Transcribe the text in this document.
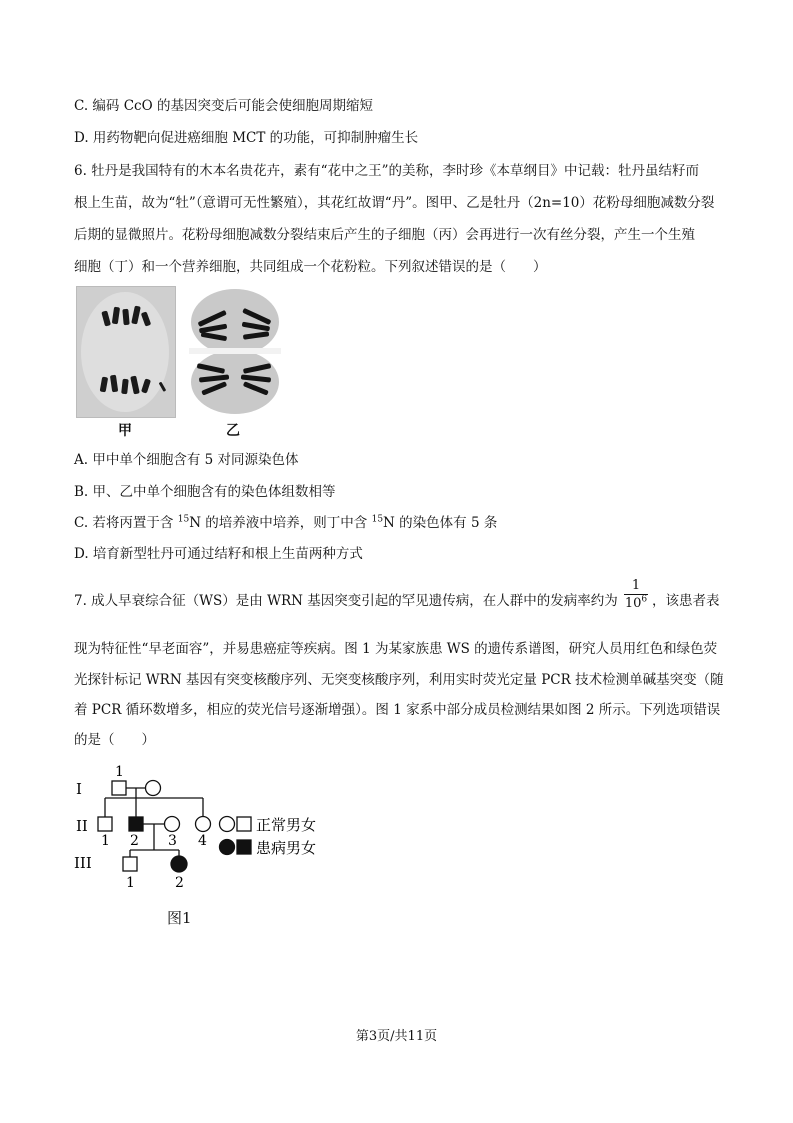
C. 编码 CcO 的基因突变后可能会使细胞周期缩短
D. 用药物靶向促进癌细胞 MCT 的功能，可抑制肿瘤生长
6. 牡丹是我国特有的木本名贵花卉，素有“花中之王”的美称，李时珍《本草纲目》中记载：牡丹虽结籽而
根上生苗，故为“牡”（意谓可无性繁殖），其花红故谓“丹”。图甲、乙是牡丹（2n=10）花粉母细胞减数分裂
后期的显微照片。花粉母细胞减数分裂结束后产生的子细胞（丙）会再进行一次有丝分裂，产生一个生殖
细胞（丁）和一个营养细胞，共同组成一个花粉粒。下列叙述错误的是（　　）
甲	乙
A. 甲中单个细胞含有 5 对同源染色体
B. 甲、乙中单个细胞含有的染色体组数相等
C. 若将丙置于含 $^{15}$N 的培养液中培养，则丁中含 $^{15}$N 的染色体有 5 条
D. 培育新型牡丹可通过结籽和根上生苗两种方式
7. 成人早衰综合征（WS）是由 WRN 基因突变引起的罕见遗传病，在人群中的发病率约为
1
$10^6$ ，该患者表
现为特征性“早老面容”，并易患癌症等疾病。图 1 为某家族患 WS 的遗传系谱图，研究人员用红色和绿色荧
光探针标记 WRN 基因有突变核酸序列、无突变核酸序列，利用实时荧光定量 PCR 技术检测单碱基突变（随
着 PCR 循环数增多，相应的荧光信号逐渐增强）。图 1 家系中部分成员检测结果如图 2 所示。下列选项错误
的是（　　）
I
II
III
1
1 2 3 4
1	2
正常男女
患病男女
图1
第3页/共11页
